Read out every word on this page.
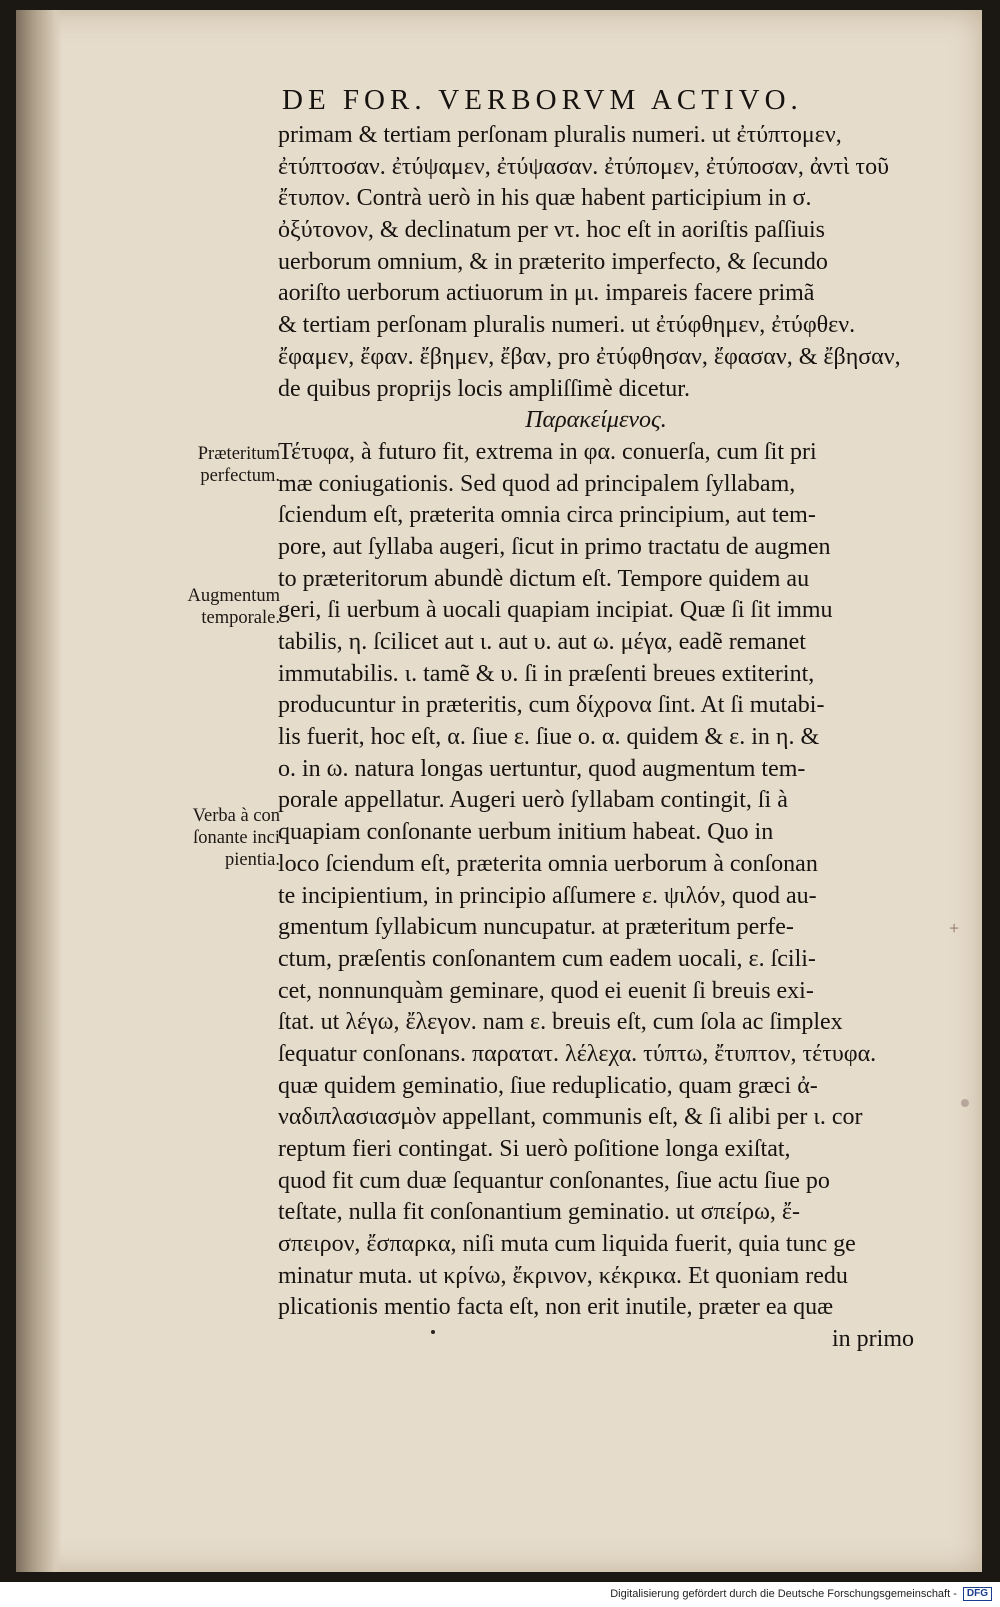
DE FOR. VERBORVM ACTIVO.
primam & tertiam perſonam pluralis numeri. ut ἐτύπτομεν,
ἐτύπτοσαν. ἐτύψαμεν, ἐτύψασαν. ἐτύπομεν, ἐτύποσαν, ἀντὶ τοῦ
ἔτυπον. Contrà uerò in his quæ habent participium in σ.
ὀξύτονον, & declinatum per ντ. hoc eſt in aoriſtis paſſiuis
uerborum omnium, & in præterito imperfecto, & ſecundo
aoriſto uerborum actiuorum in μι. impareis facere primã
& tertiam perſonam pluralis numeri. ut ἐτύφθημεν, ἐτύφθεν.
ἔφαμεν, ἔφαν. ἔβημεν, ἔβαν, pro ἐτύφθησαν, ἔφασαν, & ἔβησαν,
de quibus proprijs locis ampliſſimè dicetur.
Παρακείμενος.
Τέτυφα, à futuro fit, extrema in φα. conuerſa, cum ſit pri
mæ coniugationis. Sed quod ad principalem ſyllabam,
ſciendum eſt, præterita omnia circa principium, aut tem-
pore, aut ſyllaba augeri, ſicut in primo tractatu de augmen
to præteritorum abundè dictum eſt. Tempore quidem au
geri, ſi uerbum à uocali quapiam incipiat. Quæ ſi ſit immu
tabilis, η. ſcilicet aut ι. aut υ. aut ω. μέγα, eadẽ remanet
immutabilis. ι. tamẽ & υ. ſi in præſenti breues extiterint,
producuntur in præteritis, cum δίχρονα ſint. At ſi mutabi-
lis fuerit, hoc eſt, α. ſiue ε. ſiue ο. α. quidem & ε. in η. &
ο. in ω. natura longas uertuntur, quod augmentum tem-
porale appellatur. Augeri uerò ſyllabam contingit, ſi à
quapiam conſonante uerbum initium habeat. Quo in
loco ſciendum eſt, prӕterita omnia uerborum à conſonan
te incipientium, in principio aſſumere ε. ψιλόν, quod au-
gmentum ſyllabicum nuncupatur. at præteritum perfe-
ctum, præſentis conſonantem cum eadem uocali, ε. ſcili-
cet, nonnunquàm geminare, quod ei euenit ſi breuis exi-
ſtat. ut λέγω, ἔλεγον. nam ε. breuis eſt, cum ſola ac ſimplex
ſequatur conſonans. παρατατ. λέλεχα. τύπτω, ἔτυπτον, τέτυφα.
quæ quidem geminatio, ſiue reduplicatio, quam græci ἀ-
ναδιπλασιασμὸν appellant, communis eſt, & ſi alibi per ι. cor
reptum fieri contingat. Si uerò poſitione longa exiſtat,
quod fit cum duæ ſequantur conſonantes, ſiue actu ſiue po
teſtate, nulla fit conſonantium geminatio. ut σπείρω, ἔ-
σπειρον, ἔσπαρκα, niſi muta cum liquida fuerit, quia tunc ge
minatur muta. ut κρίνω, ἔκρινον, κέκρικα. Et quoniam redu
plicationis mentio facta eſt, non erit inutile, præter ea quæ
in primo
Præteritum
perfectum.
Augmentum
temporale.
Verba à con
ſonante inci
pientia.
+
Digitalisierung gefördert durch die Deutsche Forschungsgemeinschaft -	DFG
